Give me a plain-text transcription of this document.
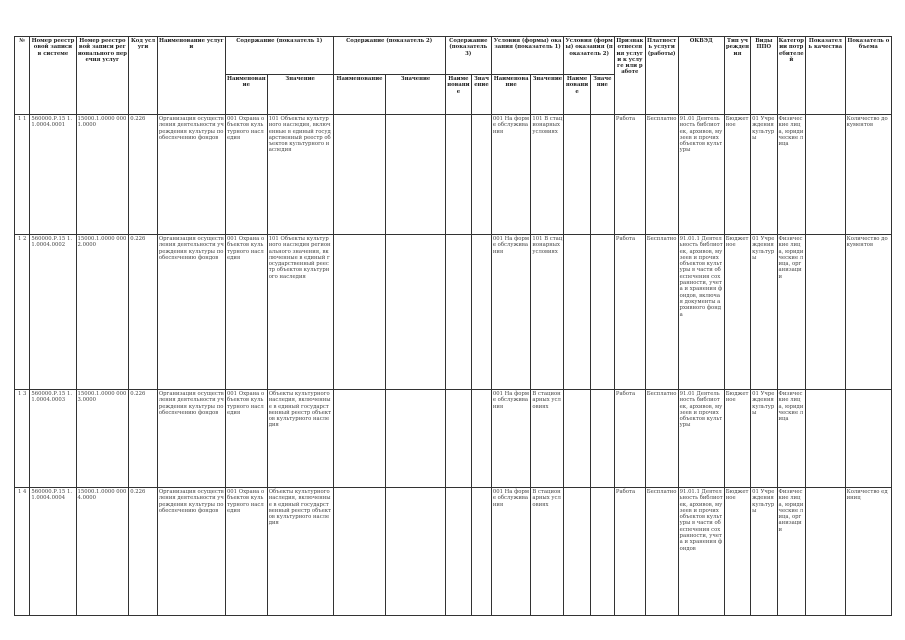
№	Номер реестровой записи в системе	Номер реестровой записи регионального перечня услуг	Код услуги	Наименование услуги	Содержание (показатель 1)		Содержание (показатель 2)		Содержание (показатель 3)		Условия (формы) оказания (показатель 1)		Условия (формы) оказания (показатель 2)		Признак отнесения услуги к услуге или работе	Платность услуги (работы)	ОКВЭД	Тип учреждения	Виды ППО	Категории потребителей	Показатель качества	Показатель объема
					Наименование	Значение	Наименование	Значение	Наименование	Значение	Наименование	Значение	Наименование	Значение								
1 1	560000.Р.15 1.1.0004.0001	15000.1.0000 0001.0000	0.226	Организация осуществления деятельности учреждения культуры по обеспечению фондов	001 Охрана объектов культурного наследия	101 Объекты культурного наследия, включенные в единый государственный реестр объектов культурного наследия					001 На форме обслуживания	101 В стационарных условиях			Работа	Бесплатно	91.01 Деятельность библиотек, архивов, музеев и прочих объектов культуры	Бюджетное	01 Учреждения культуры	Физические лица, юридические лица		Количество документов
1 2	560000.Р.15 1.1.0004.0002	15000.1.0000 0002.0000	0.226	Организация осуществления деятельности учреждения культуры по обеспечению фондов	001 Охрана объектов культурного наследия	101 Объекты культурного наследия регионального значения, включенные в единый государственный реестр объектов культурного наследия					001 На форме обслуживания	101 В стационарных условиях			Работа	Бесплатно	91.01.1 Деятельность библиотек, архивов, музеев и прочих объектов культуры в части обеспечения сохранности, учета и хранения фондов, включая документы архивного фонда	Бюджетное	01 Учреждения культуры	Физические лица, юридические лица, организации		Количество документов
1 3	560000.Р.15 1.1.0004.0003	15000.1.0000 0003.0000	0.226	Организация осуществления деятельности учреждения культуры по обеспечению фондов	001 Охрана объектов культурного наследия	Объекты культурного наследия, включенные в единый государственный реестр объектов культурного наследия					001 На форме обслуживания	В стационарных условиях			Работа	Бесплатно	91.01 Деятельность библиотек, архивов, музеев и прочих объектов культуры	Бюджетное	01 Учреждения культуры	Физические лица, юридические лица		
1 4	560000.Р.15 1.1.0004.0004	15000.1.0000 0004.0000	0.226	Организация осуществления деятельности учреждения культуры по обеспечению фондов	001 Охрана объектов культурного наследия	Объекты культурного наследия, включенные в единый государственный реестр объектов культурного наследия					001 На форме обслуживания	В стационарных условиях			Работа	Бесплатно	91.01.1 Деятельность библиотек, архивов, музеев и прочих объектов культуры в части обеспечения сохранности, учета и хранения фондов	Бюджетное	01 Учреждения культуры	Физические лица, юридические лица, организации		Количество единиц
